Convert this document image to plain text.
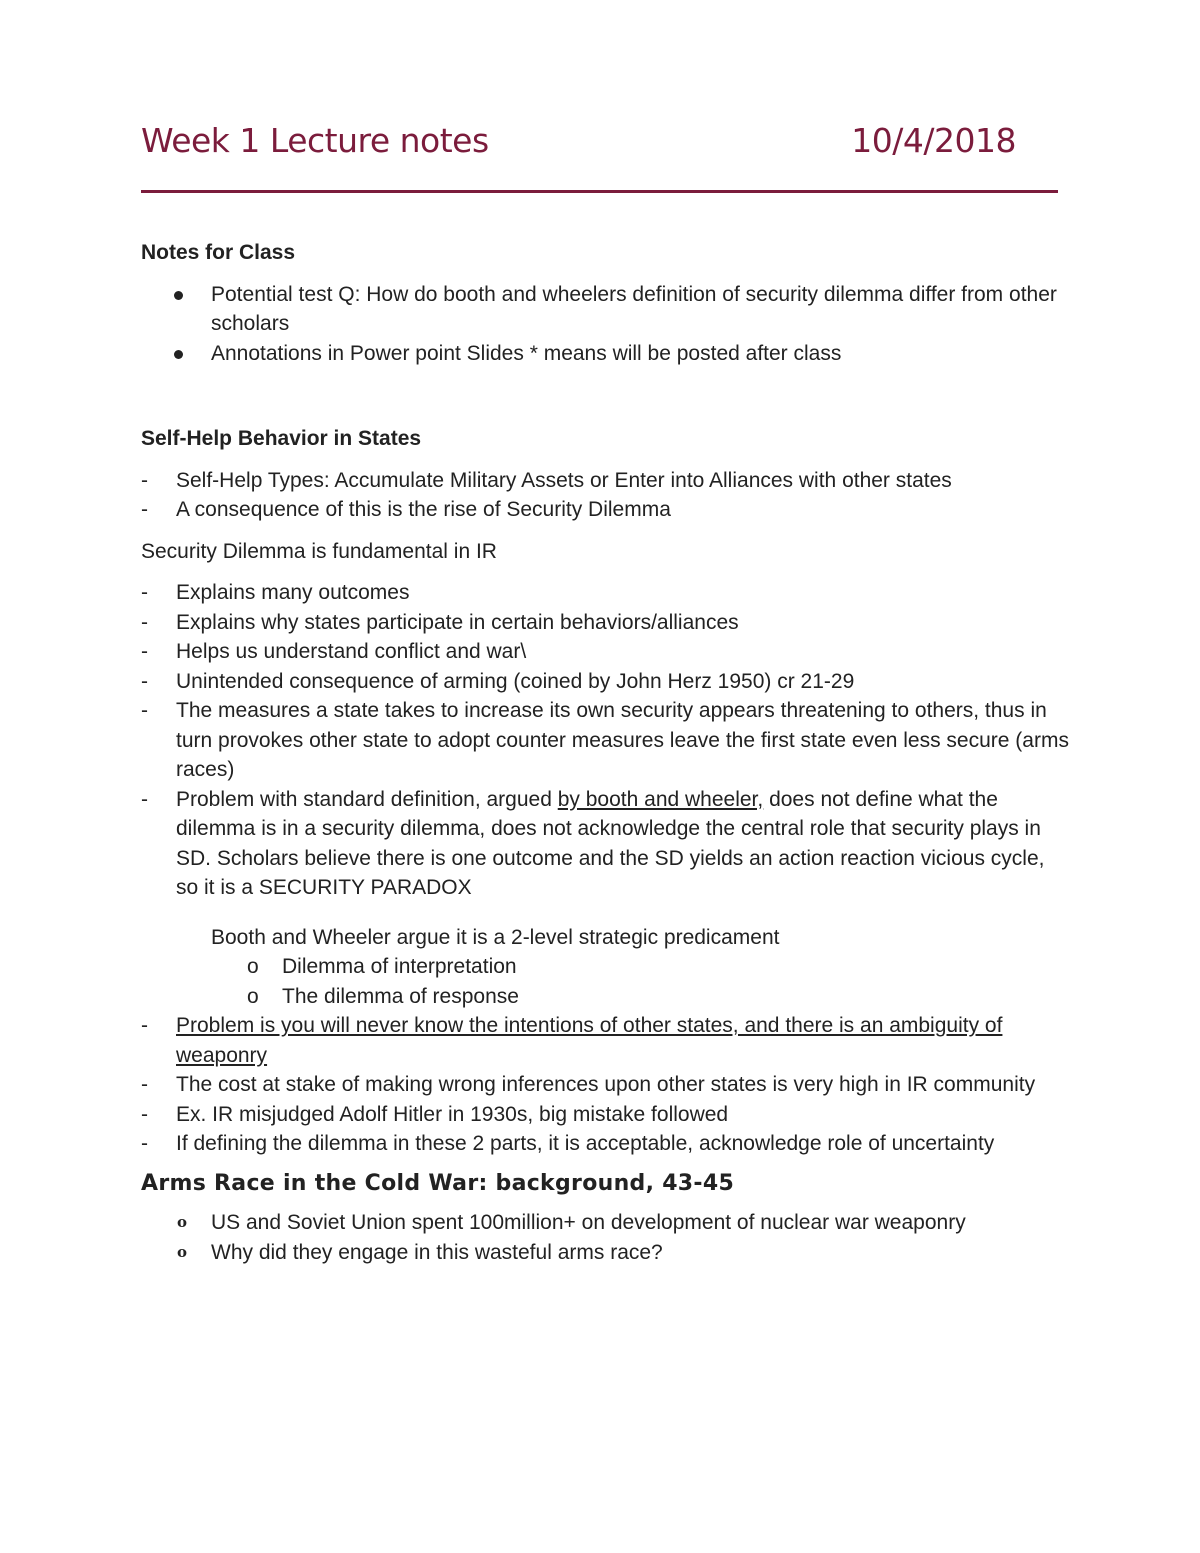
Week 1 Lecture notes	10/4/2018

Notes for Class

Potential test Q: How do booth and wheelers definition of security dilemma differ from other scholars
Annotations in Power point Slides * means will be posted after class

Self-Help Behavior in States

-	Self-Help Types: Accumulate Military Assets or Enter into Alliances with other states
-	A consequence of this is the rise of Security Dilemma

Security Dilemma is fundamental in IR

-	Explains many outcomes
-	Explains why states participate in certain behaviors/alliances
-	Helps us understand conflict and war\
-	Unintended consequence of arming (coined by John Herz 1950) cr 21-29
-	The measures a state takes to increase its own security appears threatening to others, thus in turn provokes other state to adopt counter measures leave the first state even less secure (arms races)
-	Problem with standard definition, argued by booth and wheeler, does not define what the dilemma is in a security dilemma, does not acknowledge the central role that security plays in SD. Scholars believe there is one outcome and the SD yields an action reaction vicious cycle, so it is a SECURITY PARADOX

Booth and Wheeler argue it is a 2-level strategic predicament

o	Dilemma of interpretation
o	The dilemma of response
-	Problem is you will never know the intentions of other states, and there is an ambiguity of weaponry
-	The cost at stake of making wrong inferences upon other states is very high in IR community
-	Ex. IR misjudged Adolf Hitler in 1930s, big mistake followed
-	If defining the dilemma in these 2 parts, it is acceptable, acknowledge role of uncertainty

Arms Race in the Cold War: background, 43-45

o	US and Soviet Union spent 100million+ on development of nuclear war weaponry
o	Why did they engage in this wasteful arms race?
